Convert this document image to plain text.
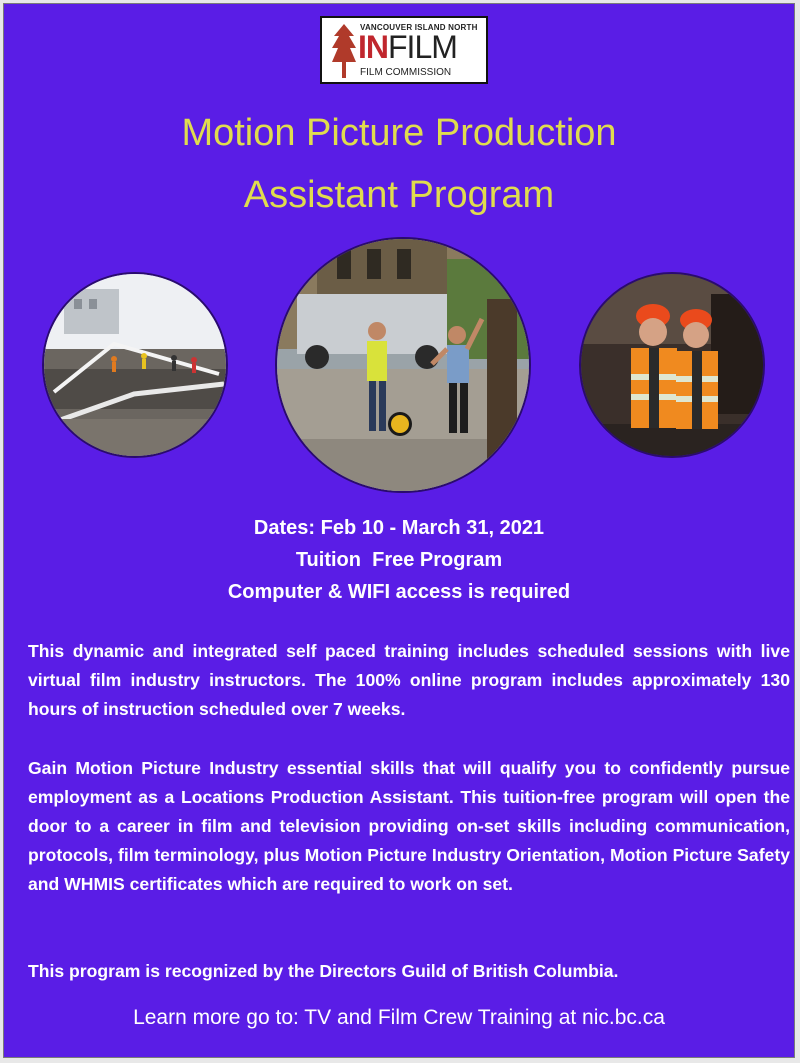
VANCOUVER ISLAND NORTH
INFILM
FILM COMMISSION
Motion Picture Production
Assistant Program
Dates: Feb 10 - March 31, 2021
Tuition  Free Program
Computer & WIFI access is required

This dynamic and integrated self paced training includes scheduled sessions with live virtual film industry instructors. The 100% online program includes approximately 130 hours of instruction scheduled over 7 weeks.

Gain Motion Picture Industry essential skills that will qualify you to confidently pursue employment as a Locations Production Assistant. This tuition-free program will open the door to a career in film and television providing on-set skills including communication, protocols, film terminology, plus Motion Picture Industry Orientation, Motion Picture Safety and WHMIS certificates which are required to work on set.

This program is recognized by the Directors Guild of British Columbia.

Learn more go to: TV and Film Crew Training at nic.bc.ca
